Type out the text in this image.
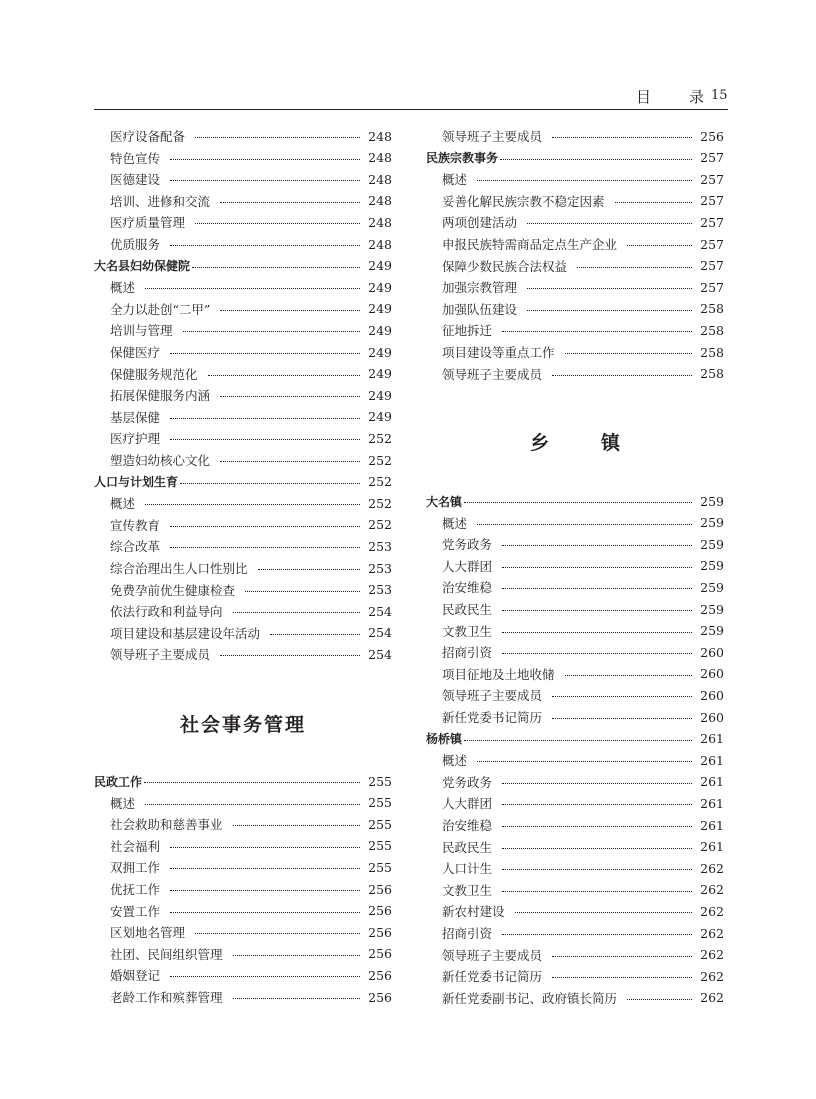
目	录 15
医疗设备配备	248
特色宣传	248
医德建设	248
培训、进修和交流	248
医疗质量管理	248
优质服务	248
大名县妇幼保健院	249
概述	249
全力以赴创“二甲”	249
培训与管理	249
保健医疗	249
保健服务规范化	249
拓展保健服务内涵	249
基层保健	249
医疗护理	252
塑造妇幼核心文化	252
人口与计划生育	252
概述	252
宣传教育	252
综合改革	253
综合治理出生人口性别比	253
免费孕前优生健康检查	253
依法行政和利益导向	254
项目建设和基层建设年活动	254
领导班子主要成员	254
民政工作	255
概述	255
社会救助和慈善事业	255
社会福利	255
双拥工作	255
优抚工作	256
安置工作	256
区划地名管理	256
社团、民间组织管理	256
婚姻登记	256
老龄工作和殡葬管理	256
领导班子主要成员	256
民族宗教事务	257
概述	257
妥善化解民族宗教不稳定因素	257
两项创建活动	257
申报民族特需商品定点生产企业	257
保障少数民族合法权益	257
加强宗教管理	257
加强队伍建设	258
征地拆迁	258
项目建设等重点工作	258
领导班子主要成员	258
大名镇	259
概述	259
党务政务	259
人大群团	259
治安维稳	259
民政民生	259
文教卫生	259
招商引资	260
项目征地及土地收储	260
领导班子主要成员	260
新任党委书记简历	260
杨桥镇	261
概述	261
党务政务	261
人大群团	261
治安维稳	261
民政民生	261
人口计生	262
文教卫生	262
新农村建设	262
招商引资	262
领导班子主要成员	262
新任党委书记简历	262
新任党委副书记、政府镇长简历	262
社会事务管理
乡	镇
